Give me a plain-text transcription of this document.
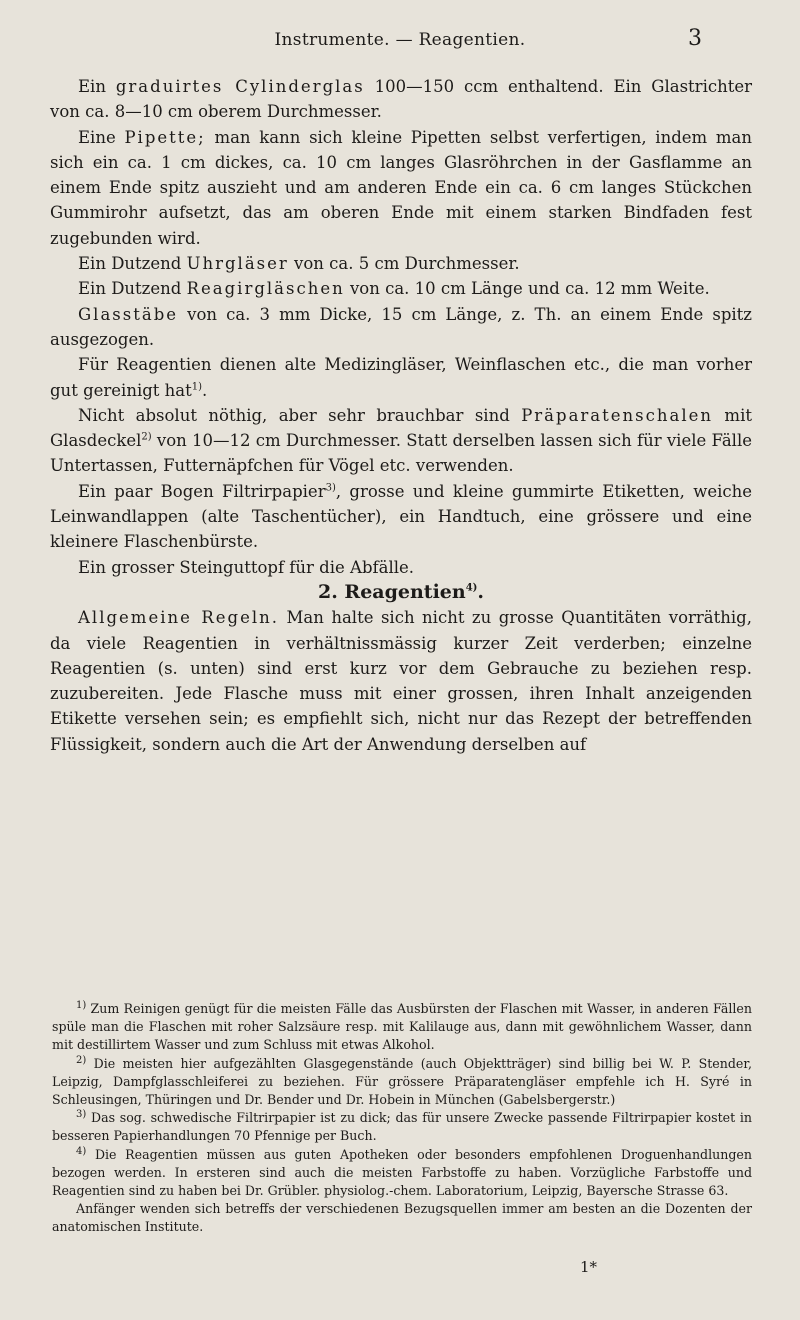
Instrumente. — Reagentien.	3

Ein graduirtes Cylinderglas 100—150 ccm enthaltend. Ein Glastrichter von ca. 8—10 cm oberem Durchmesser.

Eine Pipette; man kann sich kleine Pipetten selbst verfertigen, indem man sich ein ca. 1 cm dickes, ca. 10 cm langes Glasröhrchen in der Gasflamme an einem Ende spitz auszieht und am anderen Ende ein ca. 6 cm langes Stückchen Gummirohr aufsetzt, das am oberen Ende mit einem starken Bindfaden fest zugebunden wird.

Ein Dutzend Uhrgläser von ca. 5 cm Durchmesser.

Ein Dutzend Reagirgläschen von ca. 10 cm Länge und ca. 12 mm Weite.

Glasstäbe von ca. 3 mm Dicke, 15 cm Länge, z. Th. an einem Ende spitz ausgezogen.

Für Reagentien dienen alte Medizingläser, Weinflaschen etc., die man vorher gut gereinigt hat$^{1)}$.

Nicht absolut nöthig, aber sehr brauchbar sind Präparatenschalen mit Glasdeckel$^{2)}$ von 10—12 cm Durchmesser. Statt derselben lassen sich für viele Fälle Untertassen, Futternäpfchen für Vögel etc. verwenden.

Ein paar Bogen Filtrirpapier$^{3)}$, grosse und kleine gummirte Etiketten, weiche Leinwandlappen (alte Taschentücher), ein Handtuch, eine grössere und eine kleinere Flaschenbürste.

Ein grosser Steinguttopf für die Abfälle.

2. Reagentien$^{4)}$.

Allgemeine Regeln. Man halte sich nicht zu grosse Quantitäten vorräthig, da viele Reagentien in verhältnissmässig kurzer Zeit verderben; einzelne Reagentien (s. unten) sind erst kurz vor dem Gebrauche zu beziehen resp. zuzubereiten. Jede Flasche muss mit einer grossen, ihren Inhalt anzeigenden Etikette versehen sein; es empfiehlt sich, nicht nur das Rezept der betreffenden Flüssigkeit, sondern auch die Art der Anwendung derselben auf

$^{1)}$ Zum Reinigen genügt für die meisten Fälle das Ausbürsten der Flaschen mit Wasser, in anderen Fällen spüle man die Flaschen mit roher Salzsäure resp. mit Kalilauge aus, dann mit gewöhnlichem Wasser, dann mit destillirtem Wasser und zum Schluss mit etwas Alkohol.

$^{2)}$ Die meisten hier aufgezählten Glasgegenstände (auch Objektträger) sind billig bei W. P. Stender, Leipzig, Dampfglasschleiferei zu beziehen. Für grössere Präparatengläser empfehle ich H. Syré in Schleusingen, Thüringen und Dr. Bender und Dr. Hobein in München (Gabelsbergerstr.)

$^{3)}$ Das sog. schwedische Filtrirpapier ist zu dick; das für unsere Zwecke passende Filtrirpapier kostet in besseren Papierhandlungen 70 Pfennige per Buch.

$^{4)}$ Die Reagentien müssen aus guten Apotheken oder besonders empfohlenen Droguenhandlungen bezogen werden. In ersteren sind auch die meisten Farbstoffe zu haben. Vorzügliche Farbstoffe und Reagentien sind zu haben bei Dr. Grübler. physiolog.-chem. Laboratorium, Leipzig, Bayersche Strasse 63.

Anfänger wenden sich betreffs der verschiedenen Bezugsquellen immer am besten an die Dozenten der anatomischen Institute.

1*
